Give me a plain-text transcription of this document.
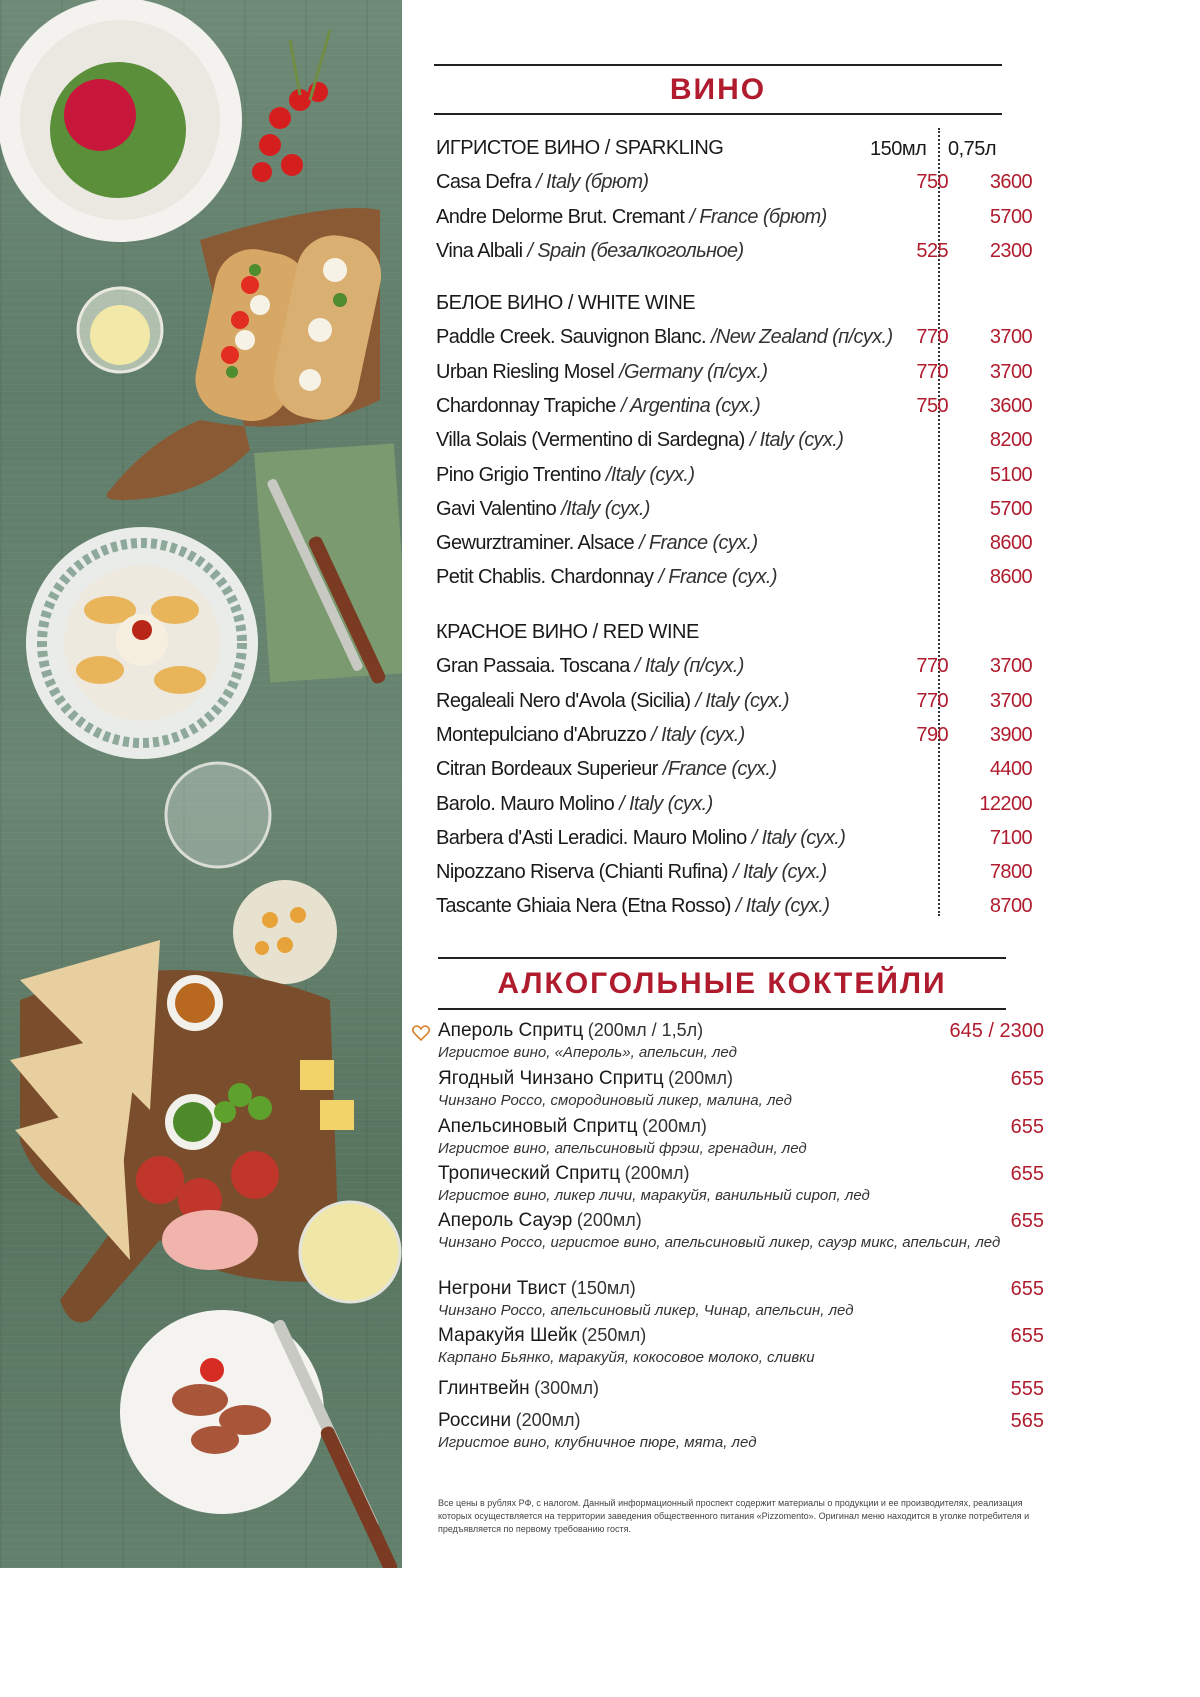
ВИНО
150мл 0,75л
ИГРИСТОЕ ВИНО / SPARKLING
Casa Defra / Italy (брют)	750 3600
Andre Delorme Brut. Cremant / France (брют)	5700
Vina Albali / Spain (безалкогольное)	525 2300
БЕЛОЕ ВИНО / WHITE WINE
Paddle Creek. Sauvignon Blanc. /New Zealand (п/сух.) 770 3700
Urban Riesling Mosel /Germany (п/сух.)	770 3700
Chardonnay Trapiche / Argentina (сух.)	750 3600
Villa Solais (Vermentino di Sardegna) / Italy (сух.)	8200
Pino Grigio Trentino /Italy (сух.)	5100
Gavi Valentino /Italy (сух.)	5700
Gewurztraminer. Alsace / France (сух.)	8600
Petit Chablis. Chardonnay / France (сух.)	8600
КРАСНОЕ ВИНО / RED WINE
Gran Passaia. Toscana / Italy (п/сух.)	770 3700
Regaleali Nero d'Avola (Sicilia) / Italy (сух.)	770 3700
Montepulciano d'Abruzzo / Italy (сух.)	790 3900
Citran Bordeaux Superieur /France (сух.)	4400
Barolo. Mauro Molino / Italy (сух.)	12200
Barbera d'Asti Leradici. Mauro Molino / Italy (сух.)	7100
Nipozzano Riserva (Chianti Rufina) / Italy (сух.)	7800
Tascante Ghiaia Nera (Etna Rosso) / Italy (сух.)	8700
АЛКОГОЛЬНЫЕ КОКТЕЙЛИ
Апероль Спритц (200мл / 1,5л)	645 / 2300
Игристое вино, «Апероль», апельсин, лед
Ягодный Чинзано Спритц (200мл)	655
Чинзано Россо, смородиновый ликер, малина, лед
Апельсиновый Спритц (200мл)	655
Игристое вино, апельсиновый фрэш, гренадин, лед
Тропический Спритц (200мл)	655
Игристое вино, ликер личи, маракуйя, ванильный сироп, лед
Апероль Сауэр (200мл)	655
Чинзано Россо, игристое вино, апельсиновый ликер, сауэр микс, апельсин, лед
Негрони Твист (150мл)	655
Чинзано Россо, апельсиновый ликер, Чинар, апельсин, лед
Маракуйя Шейк (250мл)	655
Карпано Бьянко, маракуйя, кокосовое молоко, сливки
Глинтвейн (300мл)	555
Россини (200мл)	565
Игристое вино, клубничное пюре, мята, лед
Все цены в рублях РФ, с налогом. Данный информационный проспект содержит материалы о продукции и ее производителях, реализация которых осуществляется на территории заведения общественного питания «Pizzomento». Оригинал меню находится в уголке потребителя и предъявляется по первому требованию гостя.
